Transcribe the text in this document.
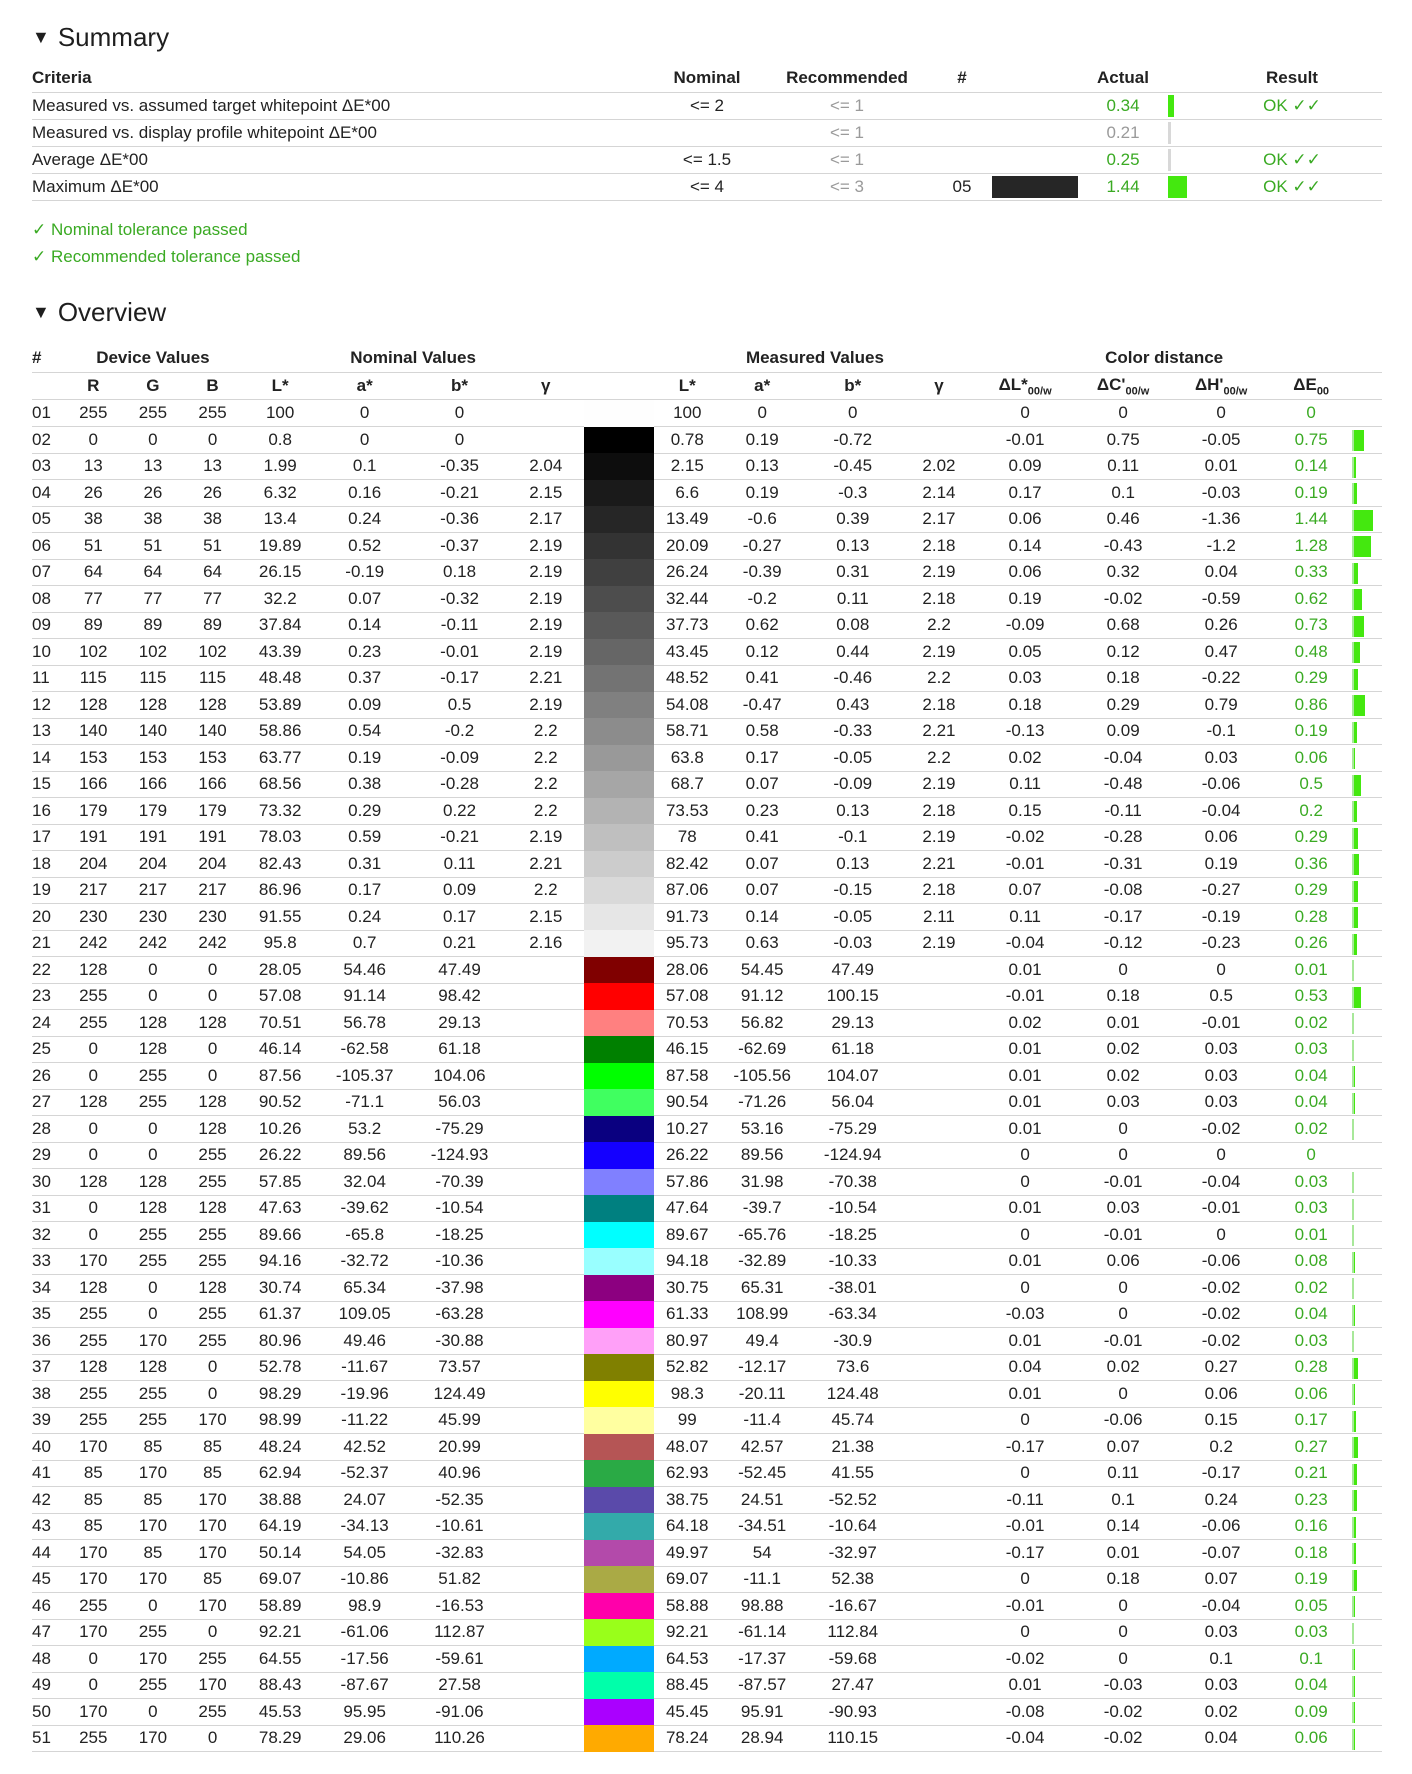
▼ Summary
Criteria	Nominal	Recommended	#		Actual		Result
Measured vs. assumed target whitepoint ΔE*00	<= 2	<= 1			0.34		OK ✓✓
Measured vs. display profile whitepoint ΔE*00		<= 1			0.21	

Average ΔE*00	<= 1.5	<= 1			0.25		OK ✓✓
Maximum ΔE*00	<= 4	<= 3	05		1.44		OK ✓✓
✓ Nominal tolerance passed
✓ Recommended tolerance passed
▼ Overview
#	Device Values			Nominal Values					Measured Values				Color distance				
	R	G	B	L*	a*	b*	γ		L*	a*	b*	γ	$\Delta L*_{00/w}$	$\Delta C'_{00/w}$	$\Delta H'_{00/w}$	$\Delta E_{00}$	
01	255	255	255	100	0	0			100	0	0		0	0	0	0	
02	0	0	0	0.8	0	0			0.78	0.19	-0.72		-0.01	0.75	-0.05	0.75	

03	13	13	13	1.99	0.1	-0.35	2.04		2.15	0.13	-0.45	2.02	0.09	0.11	0.01	0.14	

04	26	26	26	6.32	0.16	-0.21	2.15		6.6	0.19	-0.3	2.14	0.17	0.1	-0.03	0.19	

05	38	38	38	13.4	0.24	-0.36	2.17		13.49	-0.6	0.39	2.17	0.06	0.46	-1.36	1.44	

06	51	51	51	19.89	0.52	-0.37	2.19		20.09	-0.27	0.13	2.18	0.14	-0.43	-1.2	1.28	

07	64	64	64	26.15	-0.19	0.18	2.19		26.24	-0.39	0.31	2.19	0.06	0.32	0.04	0.33	

08	77	77	77	32.2	0.07	-0.32	2.19		32.44	-0.2	0.11	2.18	0.19	-0.02	-0.59	0.62	

09	89	89	89	37.84	0.14	-0.11	2.19		37.73	0.62	0.08	2.2	-0.09	0.68	0.26	0.73	

10	102	102	102	43.39	0.23	-0.01	2.19		43.45	0.12	0.44	2.19	0.05	0.12	0.47	0.48	

11	115	115	115	48.48	0.37	-0.17	2.21		48.52	0.41	-0.46	2.2	0.03	0.18	-0.22	0.29	

12	128	128	128	53.89	0.09	0.5	2.19		54.08	-0.47	0.43	2.18	0.18	0.29	0.79	0.86	

13	140	140	140	58.86	0.54	-0.2	2.2		58.71	0.58	-0.33	2.21	-0.13	0.09	-0.1	0.19	

14	153	153	153	63.77	0.19	-0.09	2.2		63.8	0.17	-0.05	2.2	0.02	-0.04	0.03	0.06	

15	166	166	166	68.56	0.38	-0.28	2.2		68.7	0.07	-0.09	2.19	0.11	-0.48	-0.06	0.5	

16	179	179	179	73.32	0.29	0.22	2.2		73.53	0.23	0.13	2.18	0.15	-0.11	-0.04	0.2	

17	191	191	191	78.03	0.59	-0.21	2.19		78	0.41	-0.1	2.19	-0.02	-0.28	0.06	0.29	

18	204	204	204	82.43	0.31	0.11	2.21		82.42	0.07	0.13	2.21	-0.01	-0.31	0.19	0.36	

19	217	217	217	86.96	0.17	0.09	2.2		87.06	0.07	-0.15	2.18	0.07	-0.08	-0.27	0.29	

20	230	230	230	91.55	0.24	0.17	2.15		91.73	0.14	-0.05	2.11	0.11	-0.17	-0.19	0.28	

21	242	242	242	95.8	0.7	0.21	2.16		95.73	0.63	-0.03	2.19	-0.04	-0.12	-0.23	0.26	

22	128	0	0	28.05	54.46	47.49			28.06	54.45	47.49		0.01	0	0	0.01	

23	255	0	0	57.08	91.14	98.42			57.08	91.12	100.15		-0.01	0.18	0.5	0.53	

24	255	128	128	70.51	56.78	29.13			70.53	56.82	29.13		0.02	0.01	-0.01	0.02	

25	0	128	0	46.14	-62.58	61.18			46.15	-62.69	61.18		0.01	0.02	0.03	0.03	

26	0	255	0	87.56	-105.37	104.06			87.58	-105.56	104.07		0.01	0.02	0.03	0.04	

27	128	255	128	90.52	-71.1	56.03			90.54	-71.26	56.04		0.01	0.03	0.03	0.04	

28	0	0	128	10.26	53.2	-75.29			10.27	53.16	-75.29		0.01	0	-0.02	0.02	

29	0	0	255	26.22	89.56	-124.93			26.22	89.56	-124.94		0	0	0	0	
30	128	128	255	57.85	32.04	-70.39			57.86	31.98	-70.38		0	-0.01	-0.04	0.03	

31	0	128	128	47.63	-39.62	-10.54			47.64	-39.7	-10.54		0.01	0.03	-0.01	0.03	

32	0	255	255	89.66	-65.8	-18.25			89.67	-65.76	-18.25		0	-0.01	0	0.01	

33	170	255	255	94.16	-32.72	-10.36			94.18	-32.89	-10.33		0.01	0.06	-0.06	0.08	

34	128	0	128	30.74	65.34	-37.98			30.75	65.31	-38.01		0	0	-0.02	0.02	

35	255	0	255	61.37	109.05	-63.28			61.33	108.99	-63.34		-0.03	0	-0.02	0.04	

36	255	170	255	80.96	49.46	-30.88			80.97	49.4	-30.9		0.01	-0.01	-0.02	0.03	

37	128	128	0	52.78	-11.67	73.57			52.82	-12.17	73.6		0.04	0.02	0.27	0.28	

38	255	255	0	98.29	-19.96	124.49			98.3	-20.11	124.48		0.01	0	0.06	0.06	

39	255	255	170	98.99	-11.22	45.99			99	-11.4	45.74		0	-0.06	0.15	0.17	

40	170	85	85	48.24	42.52	20.99			48.07	42.57	21.38		-0.17	0.07	0.2	0.27	

41	85	170	85	62.94	-52.37	40.96			62.93	-52.45	41.55		0	0.11	-0.17	0.21	

42	85	85	170	38.88	24.07	-52.35			38.75	24.51	-52.52		-0.11	0.1	0.24	0.23	

43	85	170	170	64.19	-34.13	-10.61			64.18	-34.51	-10.64		-0.01	0.14	-0.06	0.16	

44	170	85	170	50.14	54.05	-32.83			49.97	54	-32.97		-0.17	0.01	-0.07	0.18	

45	170	170	85	69.07	-10.86	51.82			69.07	-11.1	52.38		0	0.18	0.07	0.19	

46	255	0	170	58.89	98.9	-16.53			58.88	98.88	-16.67		-0.01	0	-0.04	0.05	

47	170	255	0	92.21	-61.06	112.87			92.21	-61.14	112.84		0	0	0.03	0.03	

48	0	170	255	64.55	-17.56	-59.61			64.53	-17.37	-59.68		-0.02	0	0.1	0.1	

49	0	255	170	88.43	-87.67	27.58			88.45	-87.57	27.47		0.01	-0.03	0.03	0.04	

50	170	0	255	45.53	95.95	-91.06			45.45	95.91	-90.93		-0.08	-0.02	0.02	0.09	

51	255	170	0	78.29	29.06	110.26			78.24	28.94	110.15		-0.04	-0.02	0.04	0.06	
